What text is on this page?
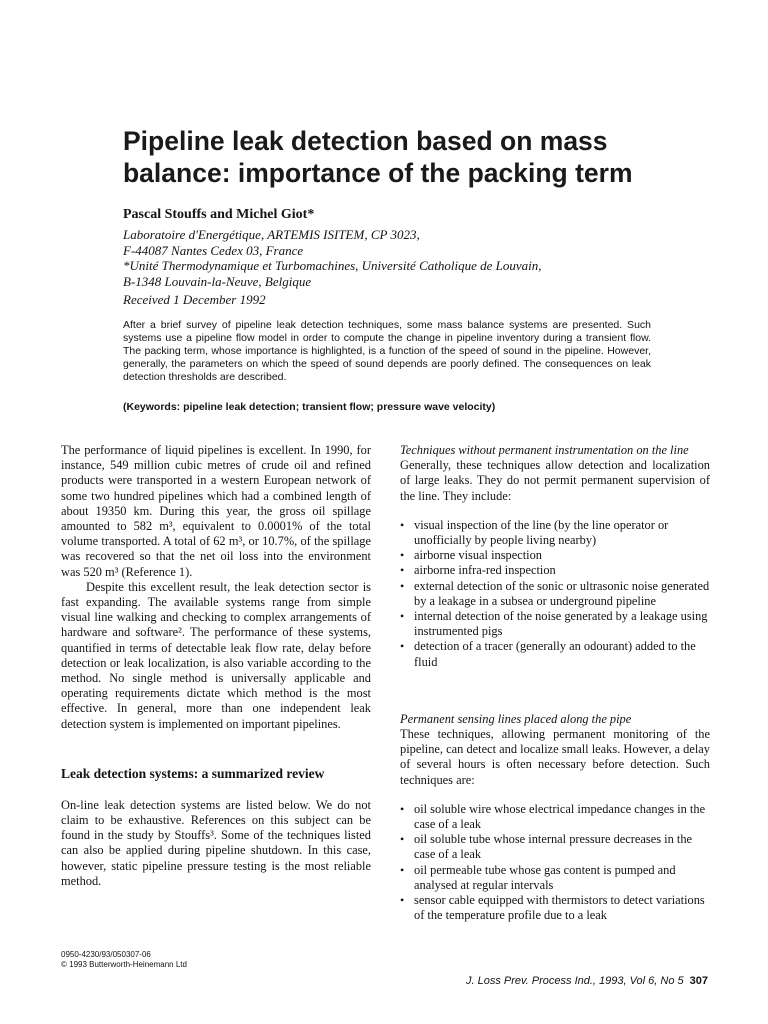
Pipeline leak detection based on mass
balance: importance of the packing term

Pascal Stouffs and Michel Giot*

Laboratoire d'Energétique, ARTEMIS ISITEM, CP 3023,
F-44087 Nantes Cedex 03, France
*Unité Thermodynamique et Turbomachines, Université Catholique de Louvain,
B-1348 Louvain-la-Neuve, Belgique

Received 1 December 1992

After a brief survey of pipeline leak detection techniques, some mass balance systems are presented. Such systems use a pipeline flow model in order to compute the change in pipeline inventory during a transient flow. The packing term, whose importance is highlighted, is a function of the speed of sound in the pipeline. However, generally, the parameters on which the speed of sound depends are poorly defined. The consequences on leak detection thresholds are described.

(Keywords: pipeline leak detection; transient flow; pressure wave velocity)

The performance of liquid pipelines is excellent. In 1990, for instance, 549 million cubic metres of crude oil and refined products were transported in a western European network of some two hundred pipelines which had a combined length of about 19350 km. During this year, the gross oil spillage amounted to 582 m³, equivalent to 0.0001% of the total volume transported. A total of 62 m³, or 10.7%, of the spillage was recovered so that the net oil loss into the environment was 520 m³ (Reference 1).

Despite this excellent result, the leak detection sector is fast expanding. The available systems range from simple visual line walking and checking to complex arrangements of hardware and software². The performance of these systems, quantified in terms of detectable leak flow rate, delay before detection or leak localization, is also variable according to the method. No single method is universally applicable and operating requirements dictate which method is the most effective. In general, more than one independent leak detection system is implemented on important pipelines.

Leak detection systems: a summarized review

On-line leak detection systems are listed below. We do not claim to be exhaustive. References on this subject can be found in the study by Stouffs³. Some of the techniques listed can also be applied during pipeline shutdown. In this case, however, static pipeline pressure testing is the most reliable method.

Techniques without permanent instrumentation on the line

Generally, these techniques allow detection and localization of large leaks. They do not permit permanent supervision of the line. They include:

• visual inspection of the line (by the line operator or unofficially by people living nearby)
• airborne visual inspection
• airborne infra-red inspection
• external detection of the sonic or ultrasonic noise generated by a leakage in a subsea or underground pipeline
• internal detection of the noise generated by a leakage using instrumented pigs
• detection of a tracer (generally an odourant) added to the fluid

Permanent sensing lines placed along the pipe

These techniques, allowing permanent monitoring of the pipeline, can detect and localize small leaks. However, a delay of several hours is often necessary before detection. Such techniques are:

• oil soluble wire whose electrical impedance changes in the case of a leak
• oil soluble tube whose internal pressure decreases in the case of a leak
• oil permeable tube whose gas content is pumped and analysed at regular intervals
• sensor cable equipped with thermistors to detect variations of the temperature profile due to a leak
0950-4230/93/050307-06
© 1993 Butterworth-Heinemann Ltd
J. Loss Prev. Process Ind., 1993, Vol 6, No 5 307
